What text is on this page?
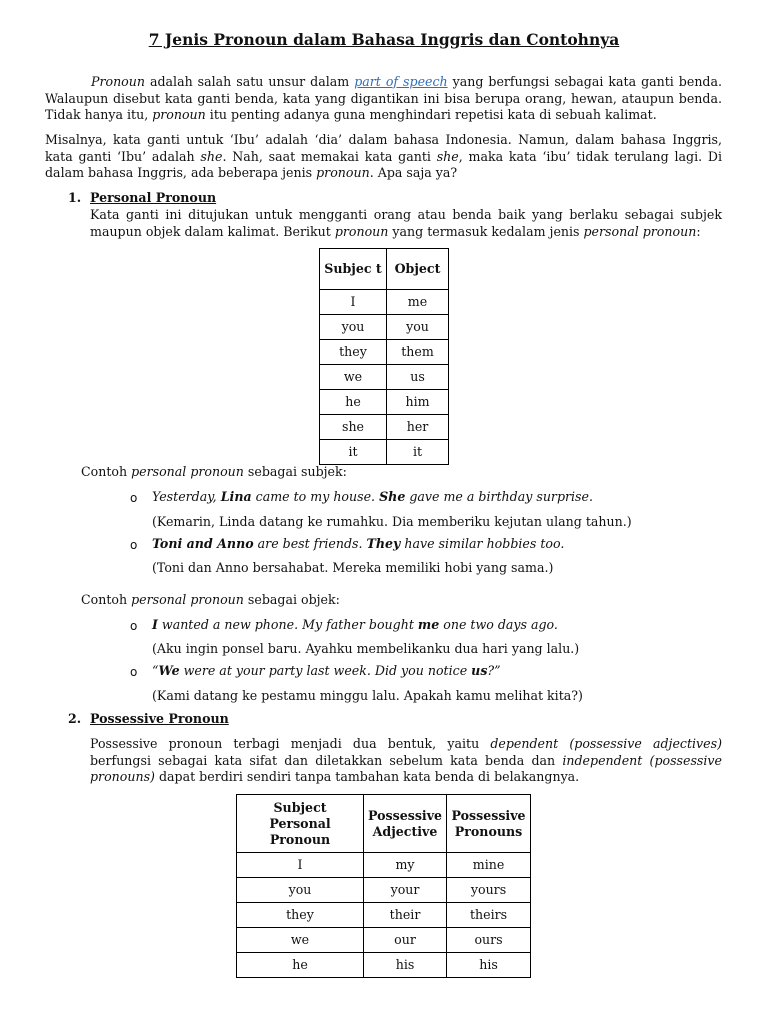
7 Jenis Pronoun dalam Bahasa Inggris dan Contohnya

Pronoun adalah salah satu unsur dalam part of speech yang berfungsi sebagai kata ganti benda. Walaupun disebut kata ganti benda, kata yang digantikan ini bisa berupa orang, hewan, ataupun benda. Tidak hanya itu, pronoun itu penting adanya guna menghindari repetisi kata di sebuah kalimat.

Misalnya, kata ganti untuk ‘Ibu’ adalah ‘dia’ dalam bahasa Indonesia. Namun, dalam bahasa Inggris, kata ganti ‘Ibu’ adalah she. Nah, saat memakai kata ganti she, maka kata ‘ibu’ tidak terulang lagi. Di dalam bahasa Inggris, ada beberapa jenis pronoun. Apa saja ya?

1. Personal Pronoun

Kata ganti ini ditujukan untuk mengganti orang atau benda baik yang berlaku sebagai subjek maupun objek dalam kalimat. Berikut pronoun yang termasuk kedalam jenis personal pronoun:

Subjec t	Object
I	me
you	you
they	them
we	us
he	him
she	her
it	it
Contoh personal pronoun sebagai subjek:
o Yesterday, Lina came to my house. She gave me a birthday surprise.
(Kemarin, Linda datang ke rumahku. Dia memberiku kejutan ulang tahun.)
o Toni and Anno are best friends. They have similar hobbies too.
(Toni dan Anno bersahabat. Mereka memiliki hobi yang sama.)
Contoh personal pronoun sebagai objek:
o I wanted a new phone. My father bought me one two days ago.
(Aku ingin ponsel baru. Ayahku membelikanku dua hari yang lalu.)
o “We were at your party last week. Did you notice us?”
(Kami datang ke pestamu minggu lalu. Apakah kamu melihat kita?)
2. Possessive Pronoun

Possessive pronoun terbagi menjadi dua bentuk, yaitu dependent (possessive adjectives) berfungsi sebagai kata sifat dan diletakkan sebelum kata benda dan independent (possessive pronouns) dapat berdiri sendiri tanpa tambahan kata benda di belakangnya.

Subject Personal Pronoun	Possessive Adjective	Possessive Pronouns
I	my	mine
you	your	yours
they	their	theirs
we	our	ours
he	his	his
